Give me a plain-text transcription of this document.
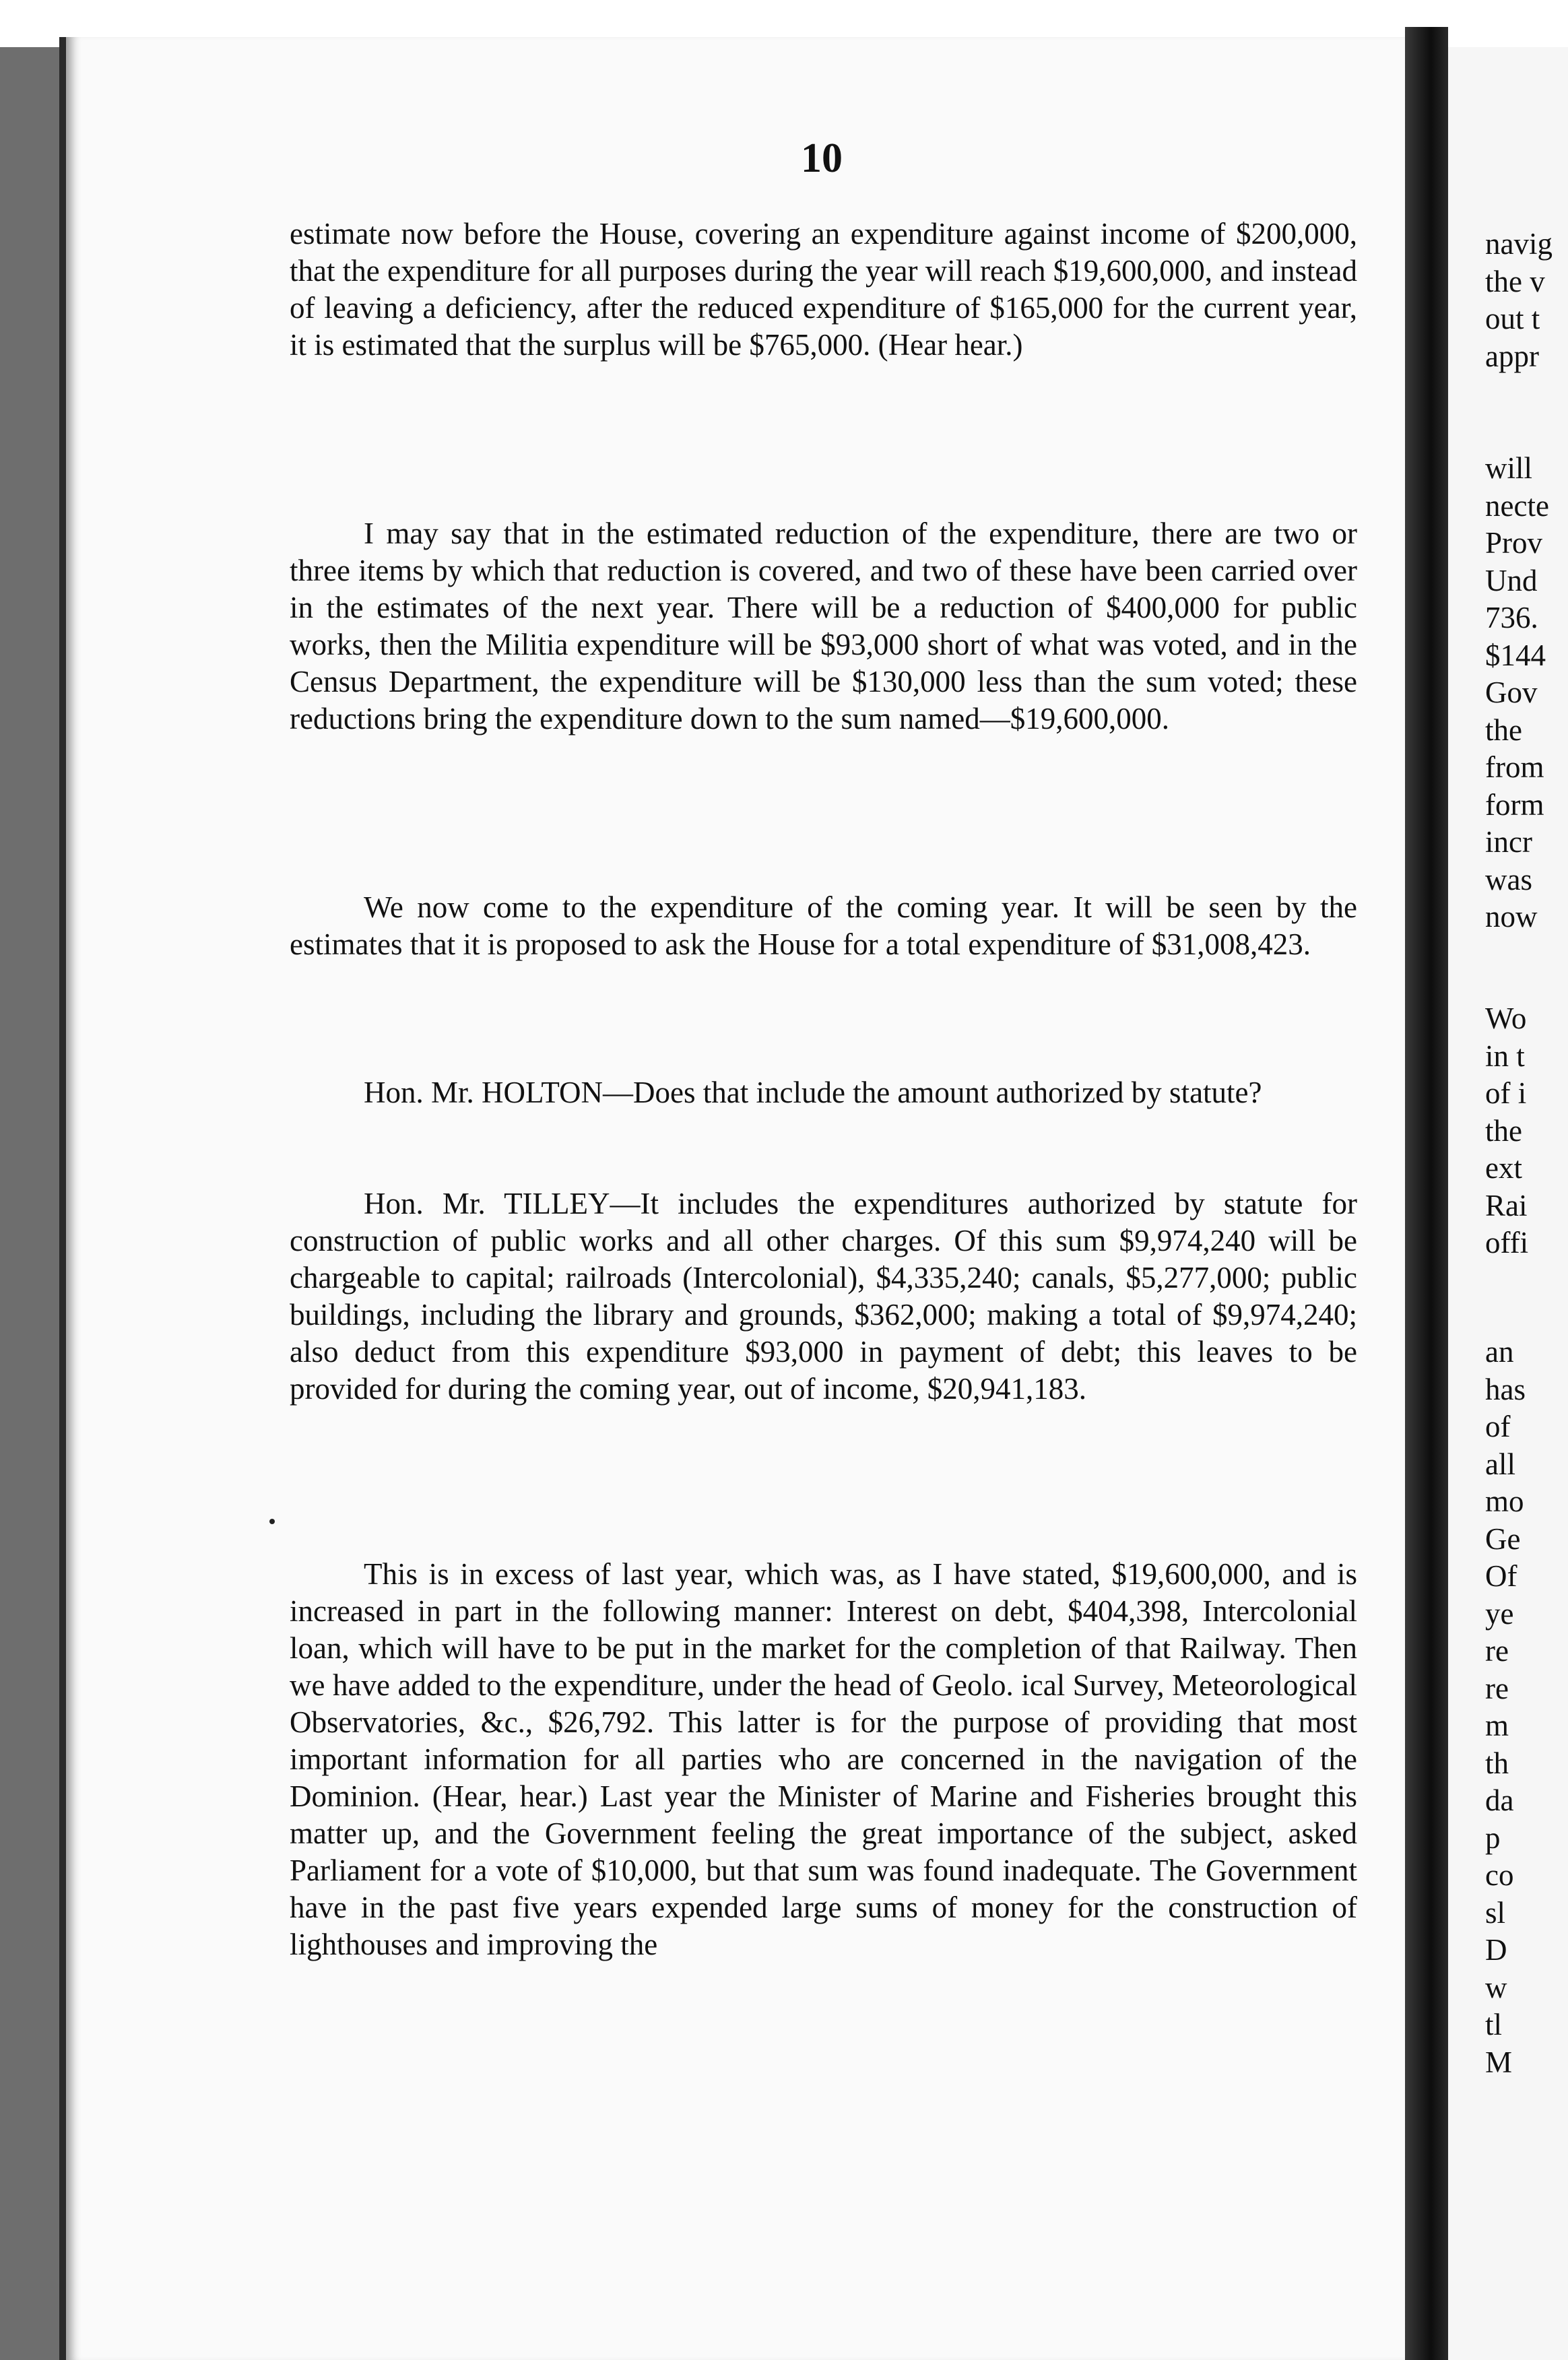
10

estimate now before the House, covering an expenditure against income of $200,000, that the expenditure for all purposes during the year will reach $19,600,000, and instead of leaving a deficiency, after the reduced expenditure of $165,000 for the current year, it is estimated that the surplus will be $765,000. (Hear hear.)

I may say that in the estimated reduction of the expenditure, there are two or three items by which that reduction is covered, and two of these have been carried over in the estimates of the next year. There will be a reduction of $400,000 for public works, then the Militia expenditure will be $93,000 short of what was voted, and in the Census Department, the expenditure will be $130,000 less than the sum voted; these reductions bring the expenditure down to the sum named—$19,600,000.

We now come to the expenditure of the coming year. It will be seen by the estimates that it is proposed to ask the House for a total expenditure of $31,008,423.

Hon. Mr. HOLTON—Does that include the amount authorized by statute?

Hon. Mr. TILLEY—It includes the expenditures authorized by statute for construction of public works and all other charges. Of this sum $9,974,240 will be chargeable to capital; railroads (Intercolonial), $4,335,240; canals, $5,277,000; public buildings, including the library and grounds, $362,000; making a total of $9,974,240; also deduct from this expenditure $93,000 in payment of debt; this leaves to be provided for during the coming year, out of income, $20,941,183.

This is in excess of last year, which was, as I have stated, $19,600,000, and is increased in part in the following manner: Interest on debt, $404,398, Intercolonial loan, which will have to be put in the market for the completion of that Railway. Then we have added to the expenditure, under the head of Geolo. ical Survey, Meteorological Observatories, &c., $26,792. This latter is for the purpose of providing that most important information for all parties who are concerned in the navigation of the Dominion. (Hear, hear.) Last year the Minister of Marine and Fisheries brought this matter up, and the Government feeling the great importance of the subject, asked Parliament for a vote of $10,000, but that sum was found inadequate. The Government have in the past five years expended large sums of money for the construction of lighthouses and improving the

navig
the v
out t
appr
will
necte
Prov
Und
736.
$144
Gov
the
from
form
incr
was
now
Wo
in t
of i
the
ext
Rai
offi
an
has
of
all
mo
Ge
Of
ye
re
re
m
th
da
p
co
sl
D
w
tl
M
